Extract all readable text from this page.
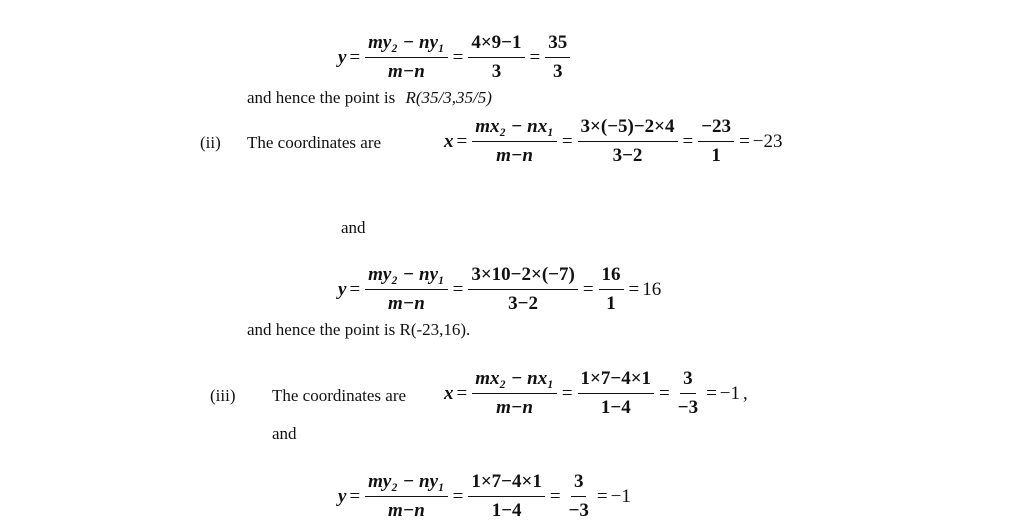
$y = \frac{\text{my₂ − ny₁}}{m-n} = \frac{4\times 9-1}{3} = \frac{35}{3}$
and hence the point is R(35/3,35/5)
(ii) The coordinates are	$x = \frac{\text{mx₂ − nx₁}}{m-n} = \frac{3\times(-5)-2\times 4}{3-2} = \frac{-23}{1} = -23$
and
$y = \frac{\text{my₂ − ny₁}}{m-n} = \frac{3\times 10-2\times(-7)}{3-2} = \frac{16}{1} = 16$
and hence the point is R(-23,16).
(iii) The coordinates are $x = \frac{\text{mx₂ − nx₁}}{m-n} = \frac{1\times 7-4\times 1}{1-4} = \frac{3}{-3} = -1$ ,
and
$y = \frac{\text{my₂ − ny₁}}{m-n} = \frac{1\times 7-4\times 1}{1-4} = \frac{3}{-3} = -1$
